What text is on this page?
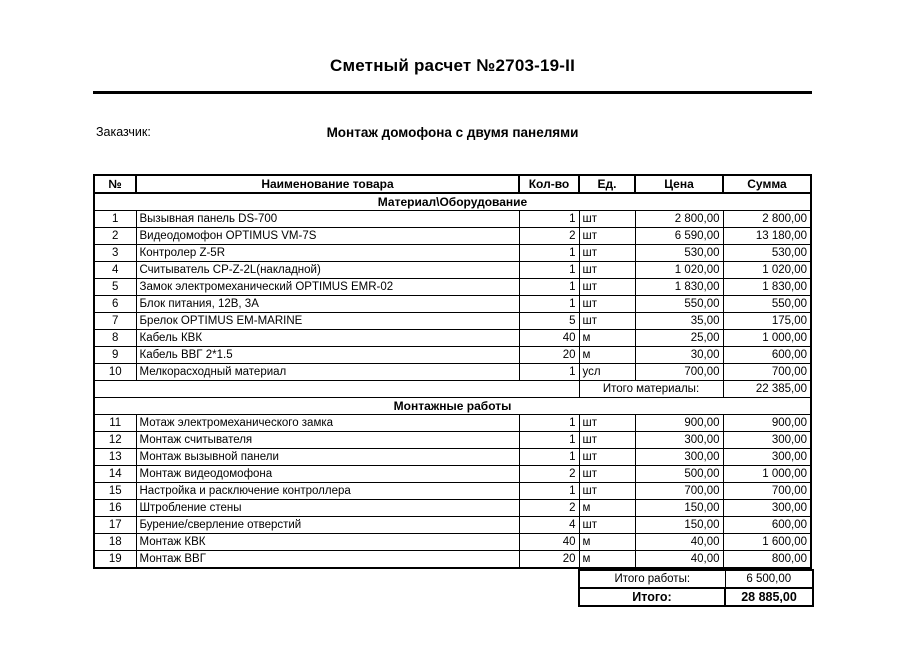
Сметный расчет №2703-19-II
Заказчик:	Монтаж домофона с двумя панелями
№	Наименование товара	Кол-во	Ед.	Цена	Сумма
Материал\Оборудование					
1	Вызывная панель DS-700	1	шт	2 800,00	2 800,00
2	Видеодомофон OPTIMUS VM-7S	2	шт	6 590,00	13 180,00
3	Контролер Z-5R	1	шт	530,00	530,00
4	Считыватель CP-Z-2L(накладной)	1	шт	1 020,00	1 020,00
5	Замок электромеханический OPTIMUS EMR-02	1	шт	1 830,00	1 830,00
6	Блок питания, 12В, 3А	1	шт	550,00	550,00
7	Брелок OPTIMUS EM-MARINE	5	шт	35,00	175,00
8	Кабель КВК	40	м	25,00	1 000,00
9	Кабель ВВГ 2*1.5	20	м	30,00	600,00
10	Мелкорасходный материал	1	усл	700,00	700,00
			Итого материалы:		22 385,00
Монтажные работы					
11	Мотаж электромеханического замка	1	шт	900,00	900,00
12	Монтаж считывателя	1	шт	300,00	300,00
13	Монтаж вызывной панели	1	шт	300,00	300,00
14	Монтаж видеодомофона	2	шт	500,00	1 000,00
15	Настройка и расключение контроллера	1	шт	700,00	700,00
16	Штробление стены	2	м	150,00	300,00
17	Бурение/сверление отверстий	4	шт	150,00	600,00
18	Монтаж КВК	40	м	40,00	1 600,00
19	Монтаж ВВГ	20	м	40,00	800,00
Итого работы:	6 500,00
Итого:	28 885,00
